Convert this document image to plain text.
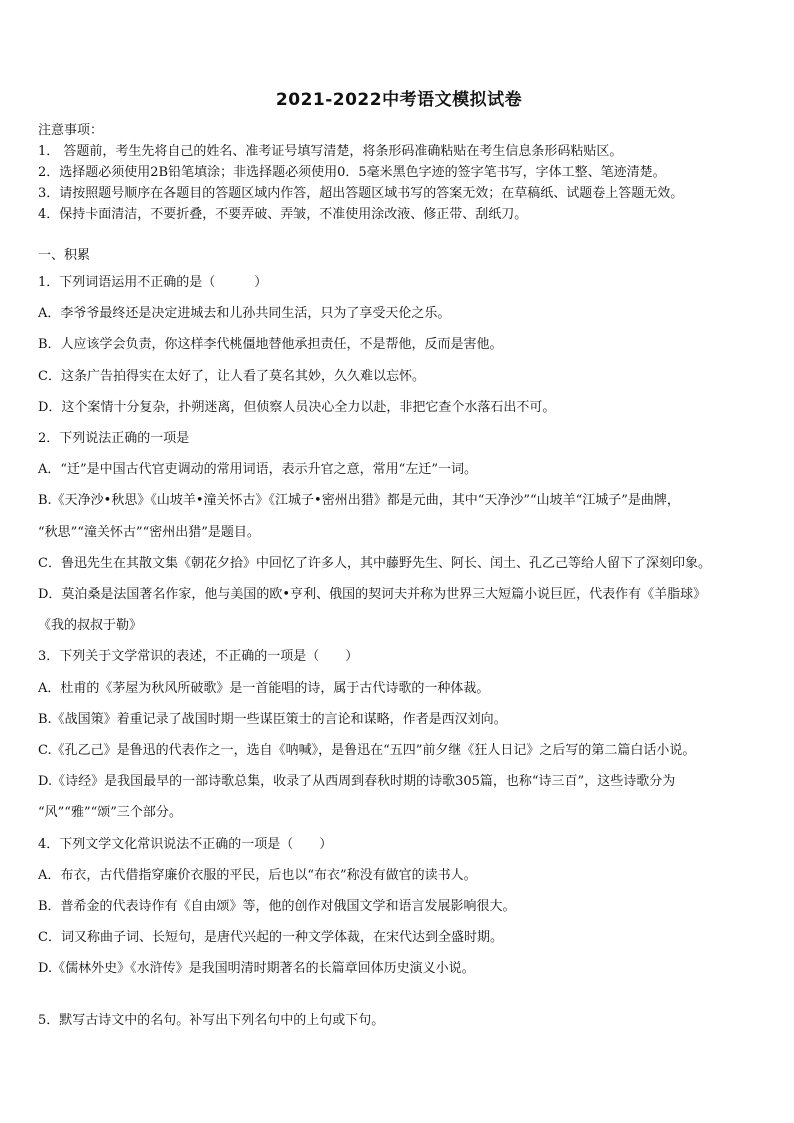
2021-2022中考语文模拟试卷
注意事项：
1． 答题前，考生先将自己的姓名、准考证号填写清楚，将条形码准确粘贴在考生信息条形码粘贴区。
2．选择题必须使用2B铅笔填涂；非选择题必须使用0．5毫米黑色字迹的签字笔书写，字体工整、笔迹清楚。
3．请按照题号顺序在各题目的答题区域内作答，超出答题区域书写的答案无效；在草稿纸、试题卷上答题无效。
4．保持卡面清洁，不要折叠，不要弄破、弄皱，不准使用涂改液、修正带、刮纸刀。
一、积累
1．下列词语运用不正确的是（　　　）
A．李爷爷最终还是决定进城去和儿孙共同生活，只为了享受天伦之乐。
B．人应该学会负责，你这样李代桃僵地替他承担责任，不是帮他，反而是害他。
C．这条广告拍得实在太好了，让人看了莫名其妙，久久难以忘怀。
D．这个案情十分复杂，扑朔迷离，但侦察人员决心全力以赴，非把它查个水落石出不可。
2．下列说法正确的一项是
A．“迁”是中国古代官吏调动的常用词语，表示升官之意，常用“左迁”一词。
B.《天净沙•秋思》《山坡羊•潼关怀古》《江城子•密州出猎》都是元曲，其中“天净沙”“山坡羊“江城子”是曲牌，
“秋思”“潼关怀古”“密州出猎”是题目。
C．鲁迅先生在其散文集《朝花夕拾》中回忆了许多人，其中藤野先生、阿长、闰土、孔乙己等给人留下了深刻印象。
D．莫泊桑是法国著名作家，他与美国的欧•亨利、俄国的契诃夫并称为世界三大短篇小说巨匠，代表作有《羊脂球》
《我的叔叔于勒》
3．下列关于文学常识的表述，不正确的一项是（　　）
A．杜甫的《茅屋为秋风所破歌》是一首能唱的诗，属于古代诗歌的一种体裁。
B.《战国策》着重记录了战国时期一些谋臣策士的言论和谋略，作者是西汉刘向。
C.《孔乙己》是鲁迅的代表作之一，选自《呐喊》，是鲁迅在“五四”前夕继《狂人日记》之后写的第二篇白话小说。
D.《诗经》是我国最早的一部诗歌总集，收录了从西周到春秋时期的诗歌305篇，也称“诗三百”，这些诗歌分为
“风”“雅”“颂”三个部分。
4．下列文学文化常识说法不正确的一项是（　　）
A．布衣，古代借指穿廉价衣服的平民，后也以“布衣”称没有做官的读书人。
B．普希金的代表诗作有《自由颂》等，他的创作对俄国文学和语言发展影响很大。
C．词又称曲子词、长短句，是唐代兴起的一种文学体裁，在宋代达到全盛时期。
D.《儒林外史》《水浒传》是我国明清时期著名的长篇章回体历史演义小说。
5．默写古诗文中的名句。补写出下列名句中的上句或下句。
